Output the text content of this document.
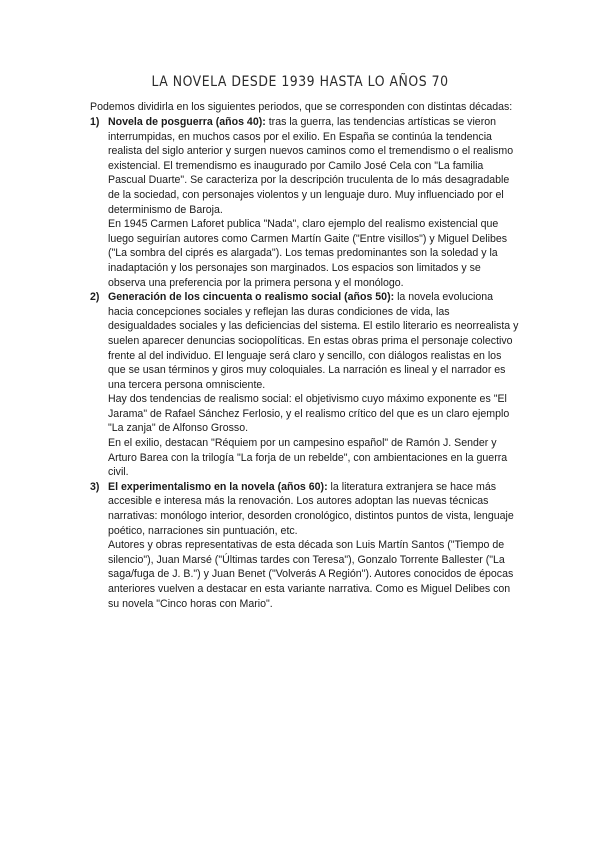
LA NOVELA DESDE 1939 HASTA LO AÑOS 70

Podemos dividirla en los siguientes periodos, que se corresponden con distintas décadas:

1) Novela de posguerra (años 40): tras la guerra, las tendencias artísticas se vieron interrumpidas, en muchos casos por el exilio. En España se continúa la tendencia realista del siglo anterior y surgen nuevos caminos como el tremendismo o el realismo existencial. El tremendismo es inaugurado por Camilo José Cela con "La familia Pascual Duarte". Se caracteriza por la descripción truculenta de lo más desagradable de la sociedad, con personajes violentos y un lenguaje duro. Muy influenciado por el determinismo de Baroja.

En 1945 Carmen Laforet publica "Nada", claro ejemplo del realismo existencial que luego seguirían autores como Carmen Martín Gaite ("Entre visillos") y Miguel Delibes ("La sombra del ciprés es alargada"). Los temas predominantes son la soledad y la inadaptación y los personajes son marginados. Los espacios son limitados y se observa una preferencia por la primera persona y el monólogo.

2) Generación de los cincuenta o realismo social (años 50): la novela evoluciona hacia concepciones sociales y reflejan las duras condiciones de vida, las desigualdades sociales y las deficiencias del sistema. El estilo literario es neorrealista y suelen aparecer denuncias sociopolíticas. En estas obras prima el personaje colectivo frente al del individuo. El lenguaje será claro y sencillo, con diálogos realistas en los que se usan términos y giros muy coloquiales. La narración es lineal y el narrador es una tercera persona omnisciente.

Hay dos tendencias de realismo social: el objetivismo cuyo máximo exponente es "El Jarama" de Rafael Sánchez Ferlosio, y el realismo crítico del que es un claro ejemplo "La zanja" de Alfonso Grosso.

En el exilio, destacan "Réquiem por un campesino español" de Ramón J. Sender y Arturo Barea con la trilogía "La forja de un rebelde", con ambientaciones en la guerra civil.

3) El experimentalismo en la novela (años 60): la literatura extranjera se hace más accesible e interesa más la renovación. Los autores adoptan las nuevas técnicas narrativas: monólogo interior, desorden cronológico, distintos puntos de vista, lenguaje poético, narraciones sin puntuación, etc.

Autores y obras representativas de esta década son Luis Martín Santos ("Tiempo de silencio"), Juan Marsé ("Últimas tardes con Teresa"), Gonzalo Torrente Ballester ("La saga/fuga de J. B.") y Juan Benet ("Volverás A Región"). Autores conocidos de épocas anteriores vuelven a destacar en esta variante narrativa. Como es Miguel Delibes con su novela "Cinco horas con Mario".
